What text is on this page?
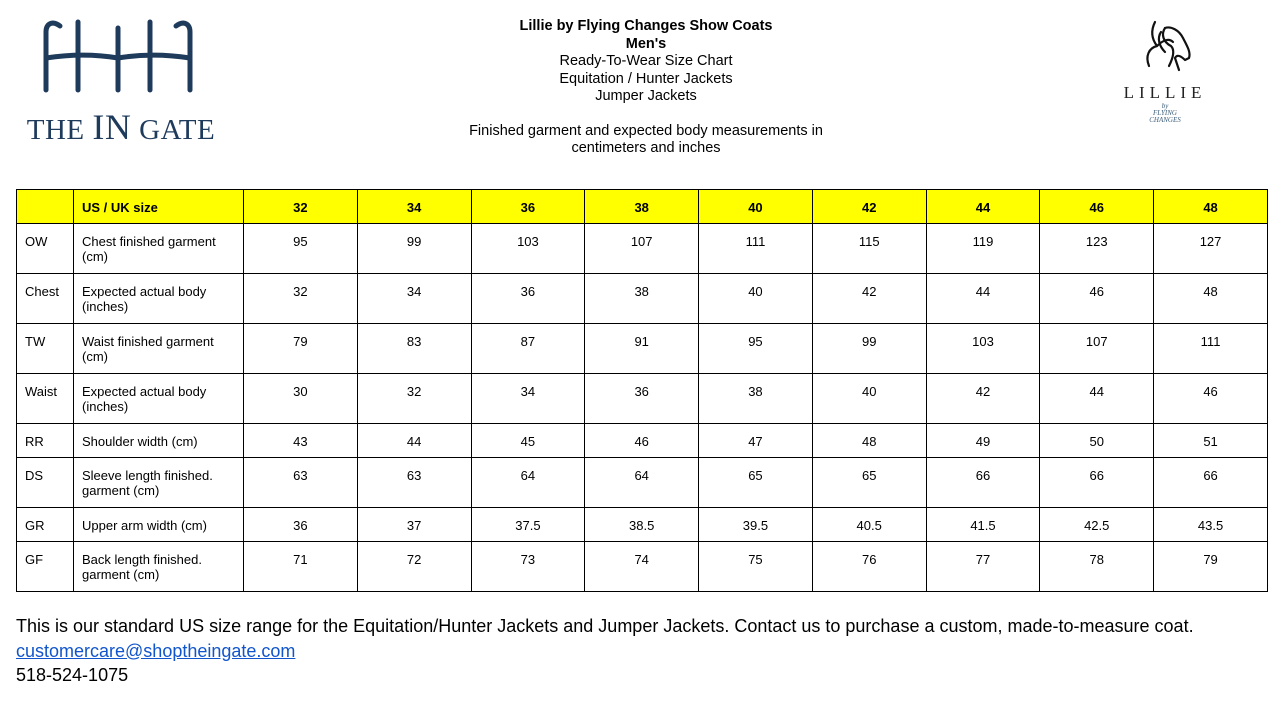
THE IN GATE
Lillie by Flying Changes Show Coats
Men's
Ready-To-Wear Size Chart
Equitation / Hunter Jackets
Jumper Jackets
Finished garment and expected body measurements in
centimeters and inches
LILLIE
by
FLYING
CHANGES
	US / UK size	32	34	36	38	40	42	44	46	48
OW	Chest finished garment (cm)	95	99	103	107	111	115	119	123	127
Chest	Expected actual body (inches)	32	34	36	38	40	42	44	46	48
TW	Waist finished garment (cm)	79	83	87	91	95	99	103	107	111
Waist	Expected actual body (inches)	30	32	34	36	38	40	42	44	46
RR	Shoulder width (cm)	43	44	45	46	47	48	49	50	51
DS	Sleeve length finished. garment (cm)	63	63	64	64	65	65	66	66	66
GR	Upper arm width (cm)	36	37	37.5	38.5	39.5	40.5	41.5	42.5	43.5
GF	Back length finished. garment (cm)	71	72	73	74	75	76	77	78	79
This is our standard US size range for the Equitation/Hunter Jackets and Jumper Jackets. Contact us to purchase a custom, made-to-measure coat.
customercare@shoptheingate.com
518-524-1075
